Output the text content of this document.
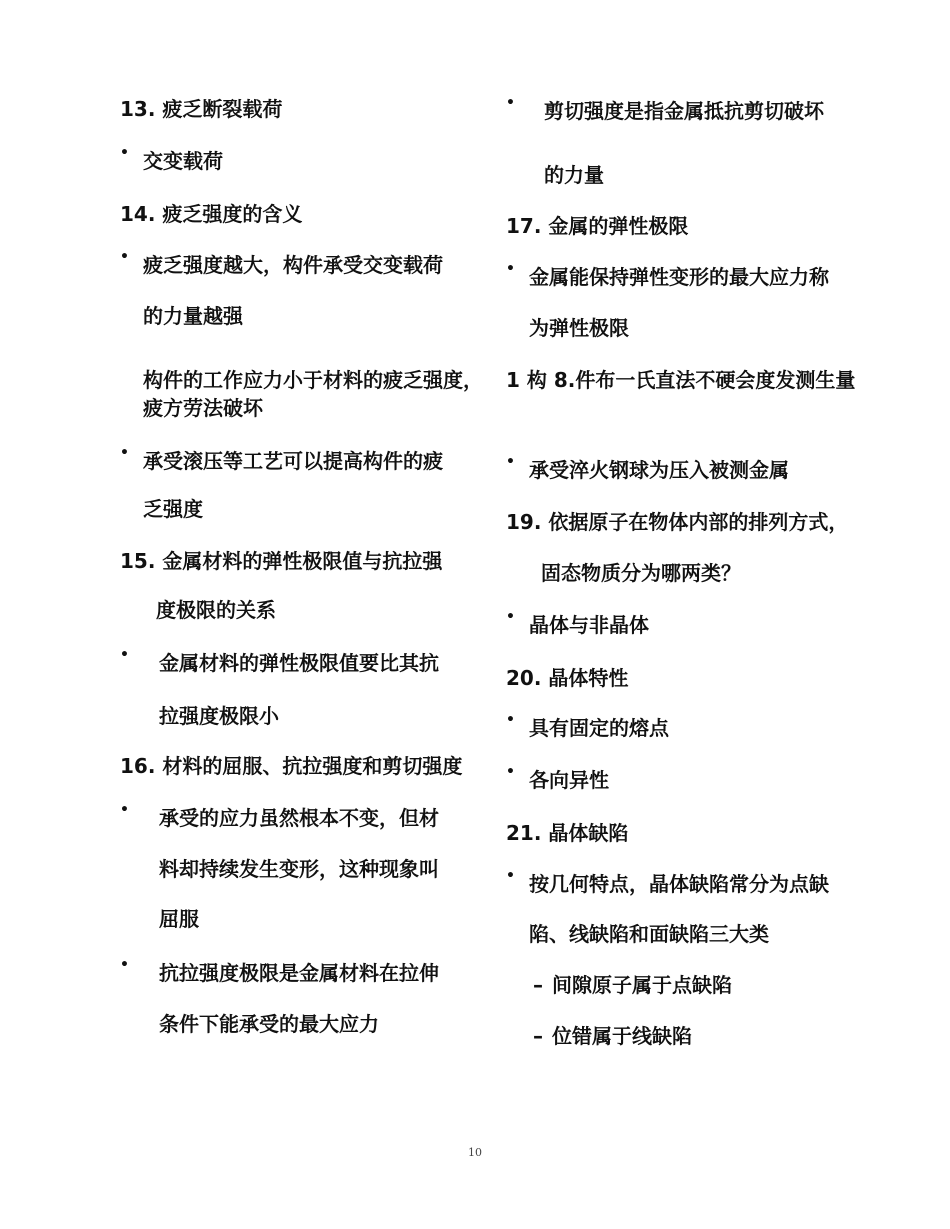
13. 疲乏断裂载荷

• 交变载荷

14. 疲乏强度的含义

• 疲乏强度越大，构件承受交变载荷

的力量越强

构件的工作应力小于材料的疲乏强度，

疲方劳法破坏

• 承受滚压等工艺可以提高构件的疲

乏强度

15. 金属材料的弹性极限值与抗拉强

度极限的关系

• 金属材料的弹性极限值要比其抗

拉强度极限小

16. 材料的屈服、抗拉强度和剪切强度

• 承受的应力虽然根本不变，但材

料却持续发生变形，这种现象叫

屈服

• 抗拉强度极限是金属材料在拉伸

条件下能承受的最大应力

• 剪切强度是指金属抵抗剪切破坏

的力量

17. 金属的弹性极限

• 金属能保持弹性变形的最大应力称

为弹性极限

1 构 8.件布一氏直法不硬会度发测生量

• 承受淬火钢球为压入被测金属

19. 依据原子在物体内部的排列方式，

固态物质分为哪两类？

• 晶体与非晶体

20. 晶体特性

• 具有固定的熔点

• 各向异性

21. 晶体缺陷

• 按几何特点，晶体缺陷常分为点缺

陷、线缺陷和面缺陷三大类

– 间隙原子属于点缺陷

– 位错属于线缺陷

10
